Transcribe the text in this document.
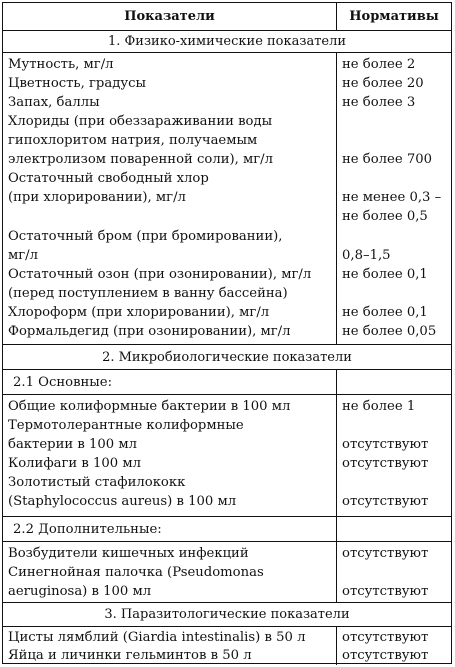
Показатели	Нормативы
1. Физико-химические показатели
Мутность, мг/л
Цветность, градусы
Запах, баллы
Хлориды (при обеззараживании воды
гипохлоритом натрия, получаемым
электролизом поваренной соли), мг/л
Остаточный свободный хлор
(при хлорировании), мг/л
Остаточный бром (при бромировании),
мг/л
Остаточный озон (при озонировании), мг/л
(перед поступлением в ванну бассейна)
Хлороформ (при хлорировании), мг/л
Формальдегид (при озонировании), мг/л
не более 2
не более 20
не более 3
не более 700
не менее 0,3 –
не более 0,5
0,8–1,5
не более 0,1
не более 0,1
не более 0,05
2. Микробиологические показатели
2.1 Основные:
Общие колиформные бактерии в 100 мл
Термотолерантные колиформные
бактерии в 100 мл
Колифаги в 100 мл
Золотистый стафилококк
(Staphylococcus aureus) в 100 мл
не более 1
отсутствуют
отсутствуют
отсутствуют
2.2 Дополнительные:
Возбудители кишечных инфекций
Синегнойная палочка (Pseudomonas
aeruginosa) в 100 мл
отсутствуют
отсутствуют
3. Паразитологические показатели
Цисты лямблий (Giardia intestinalis) в 50 л
Яйца и личинки гельминтов в 50 л
отсутствуют
отсутствуют
